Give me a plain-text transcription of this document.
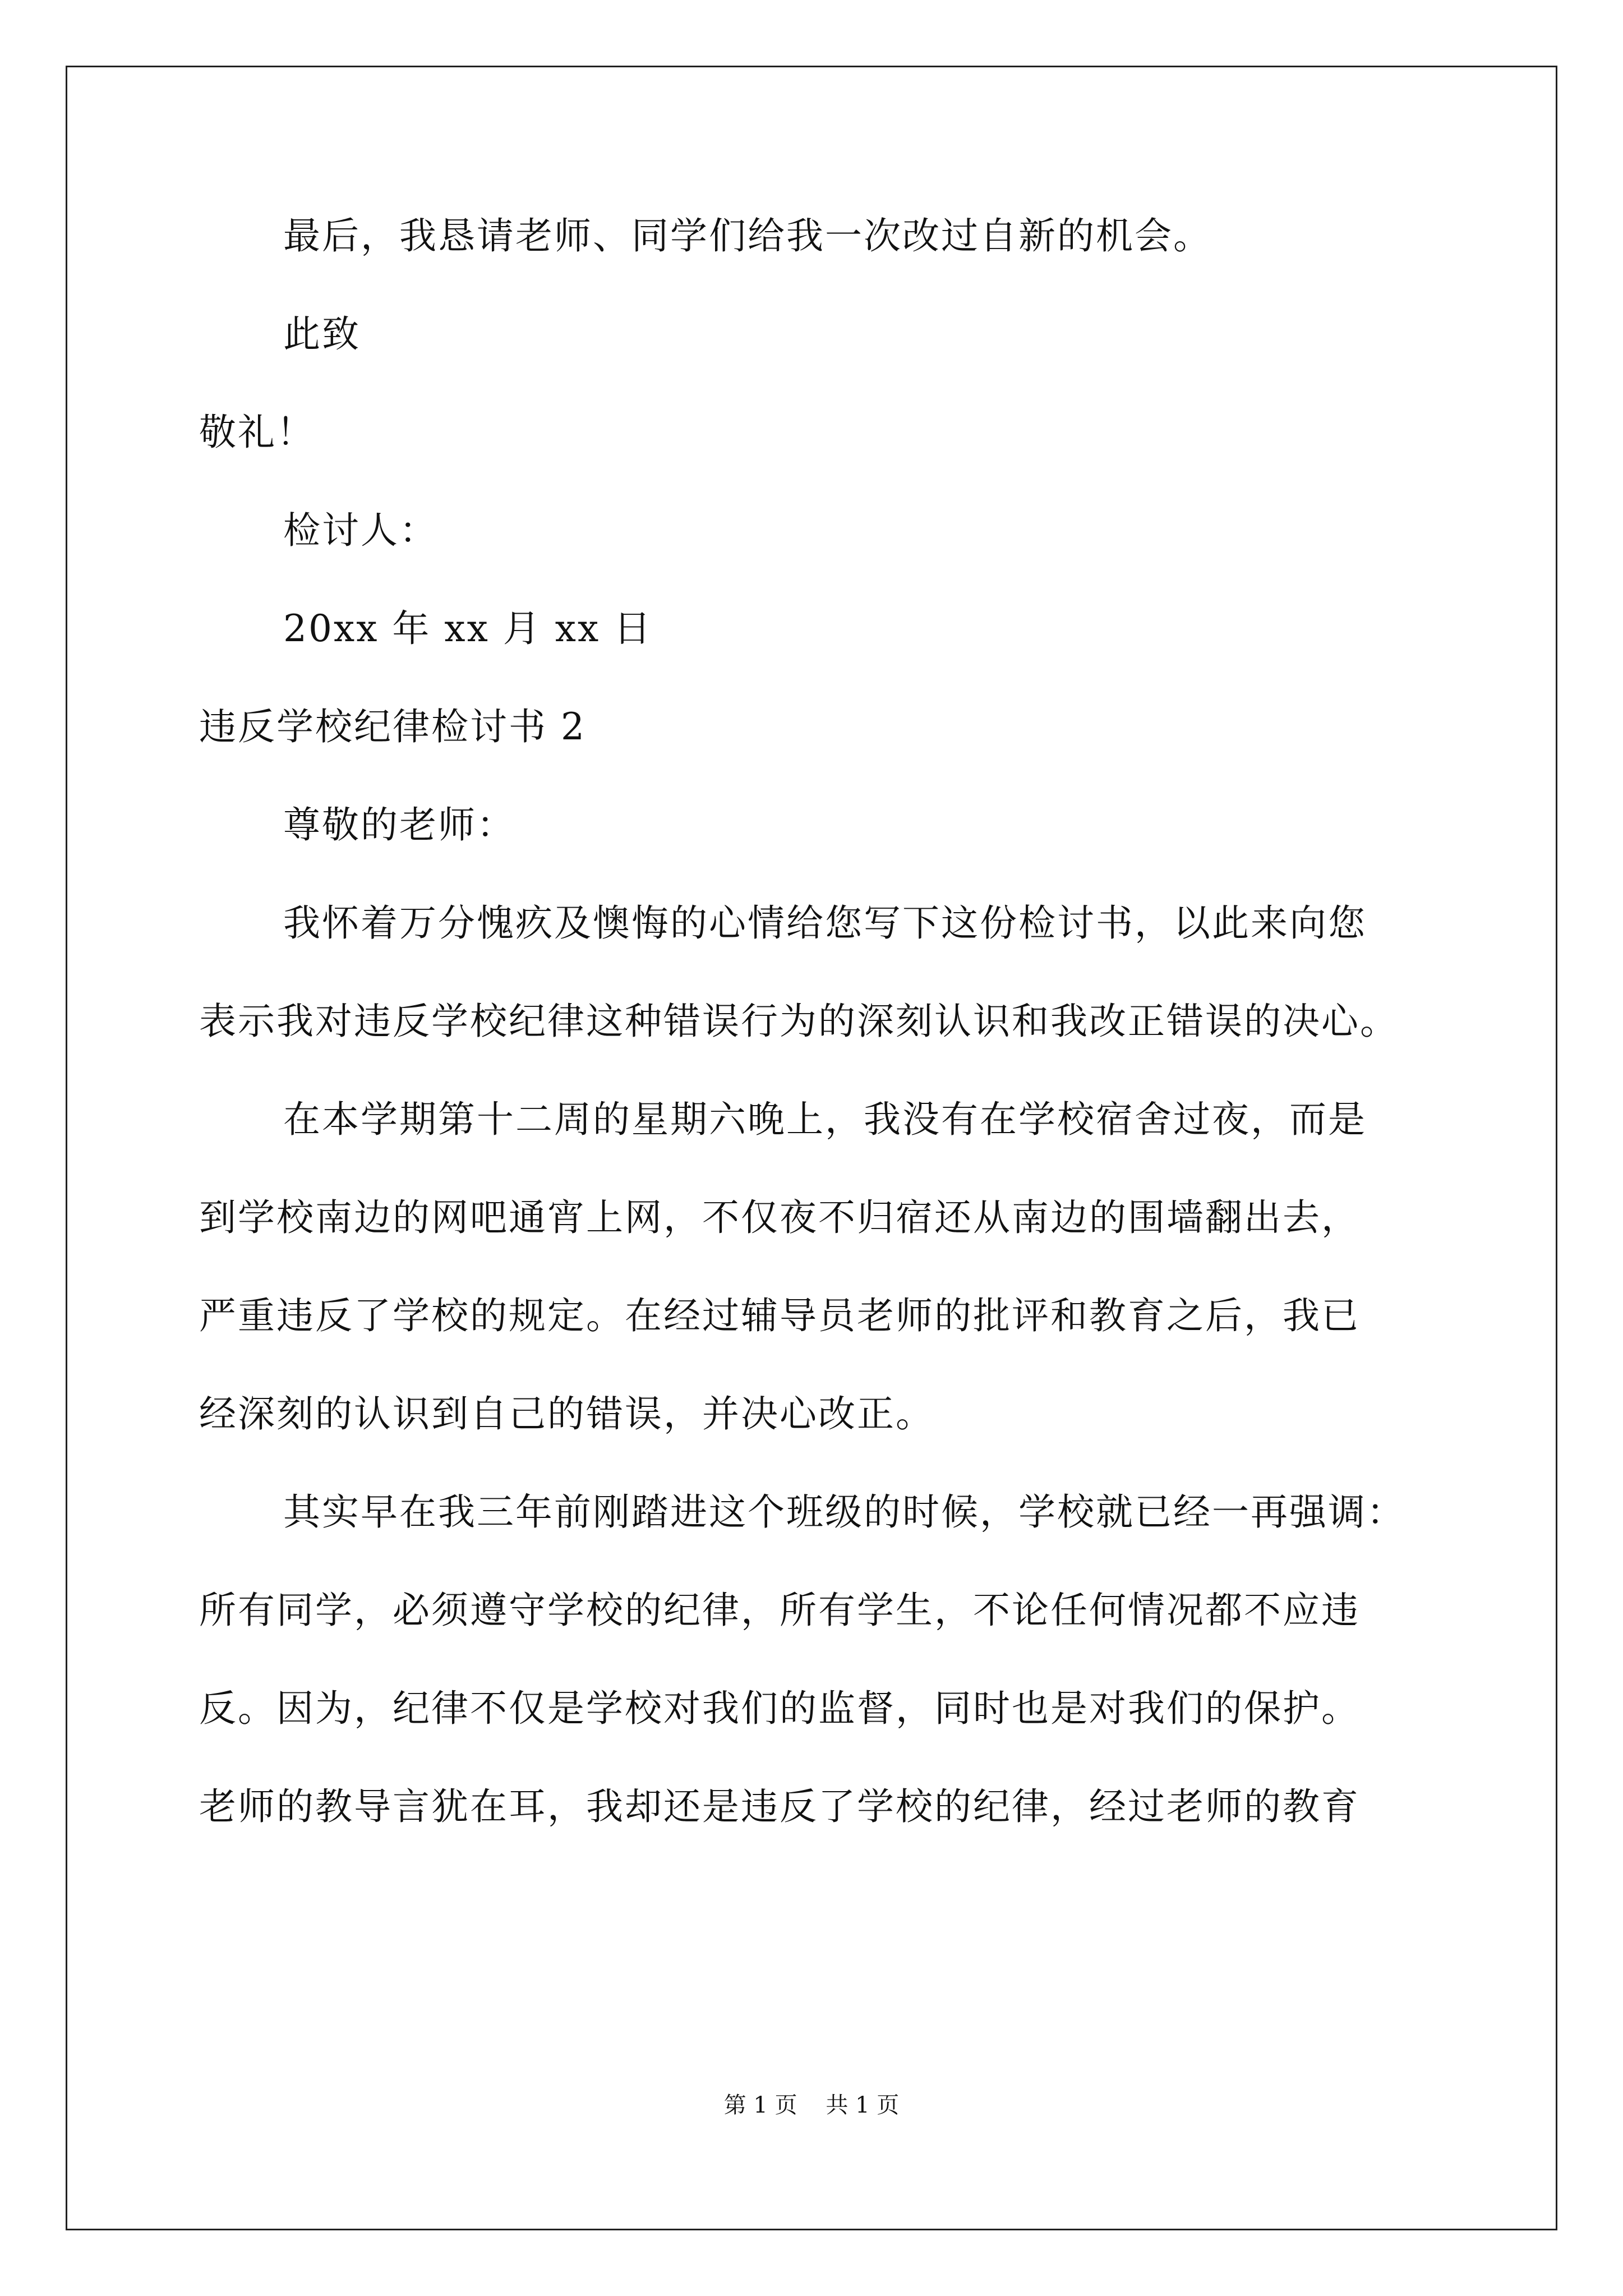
最后，我恳请老师、同学们给我一次改过自新的机会。

此致

敬礼！

检讨人：

20xx 年 xx 月 xx 日

违反学校纪律检讨书 2

尊敬的老师：

我怀着万分愧疚及懊悔的心情给您写下这份检讨书，以此来向您

表示我对违反学校纪律这种错误行为的深刻认识和我改正错误的决心。

在本学期第十二周的星期六晚上，我没有在学校宿舍过夜，而是

到学校南边的网吧通宵上网，不仅夜不归宿还从南边的围墙翻出去，

严重违反了学校的规定。在经过辅导员老师的批评和教育之后，我已

经深刻的认识到自己的错误，并决心改正。

其实早在我三年前刚踏进这个班级的时候，学校就已经一再强调：

所有同学，必须遵守学校的纪律，所有学生，不论任何情况都不应违

反。因为，纪律不仅是学校对我们的监督，同时也是对我们的保护。

老师的教导言犹在耳，我却还是违反了学校的纪律，经过老师的教育

第 1 页    共 1 页
